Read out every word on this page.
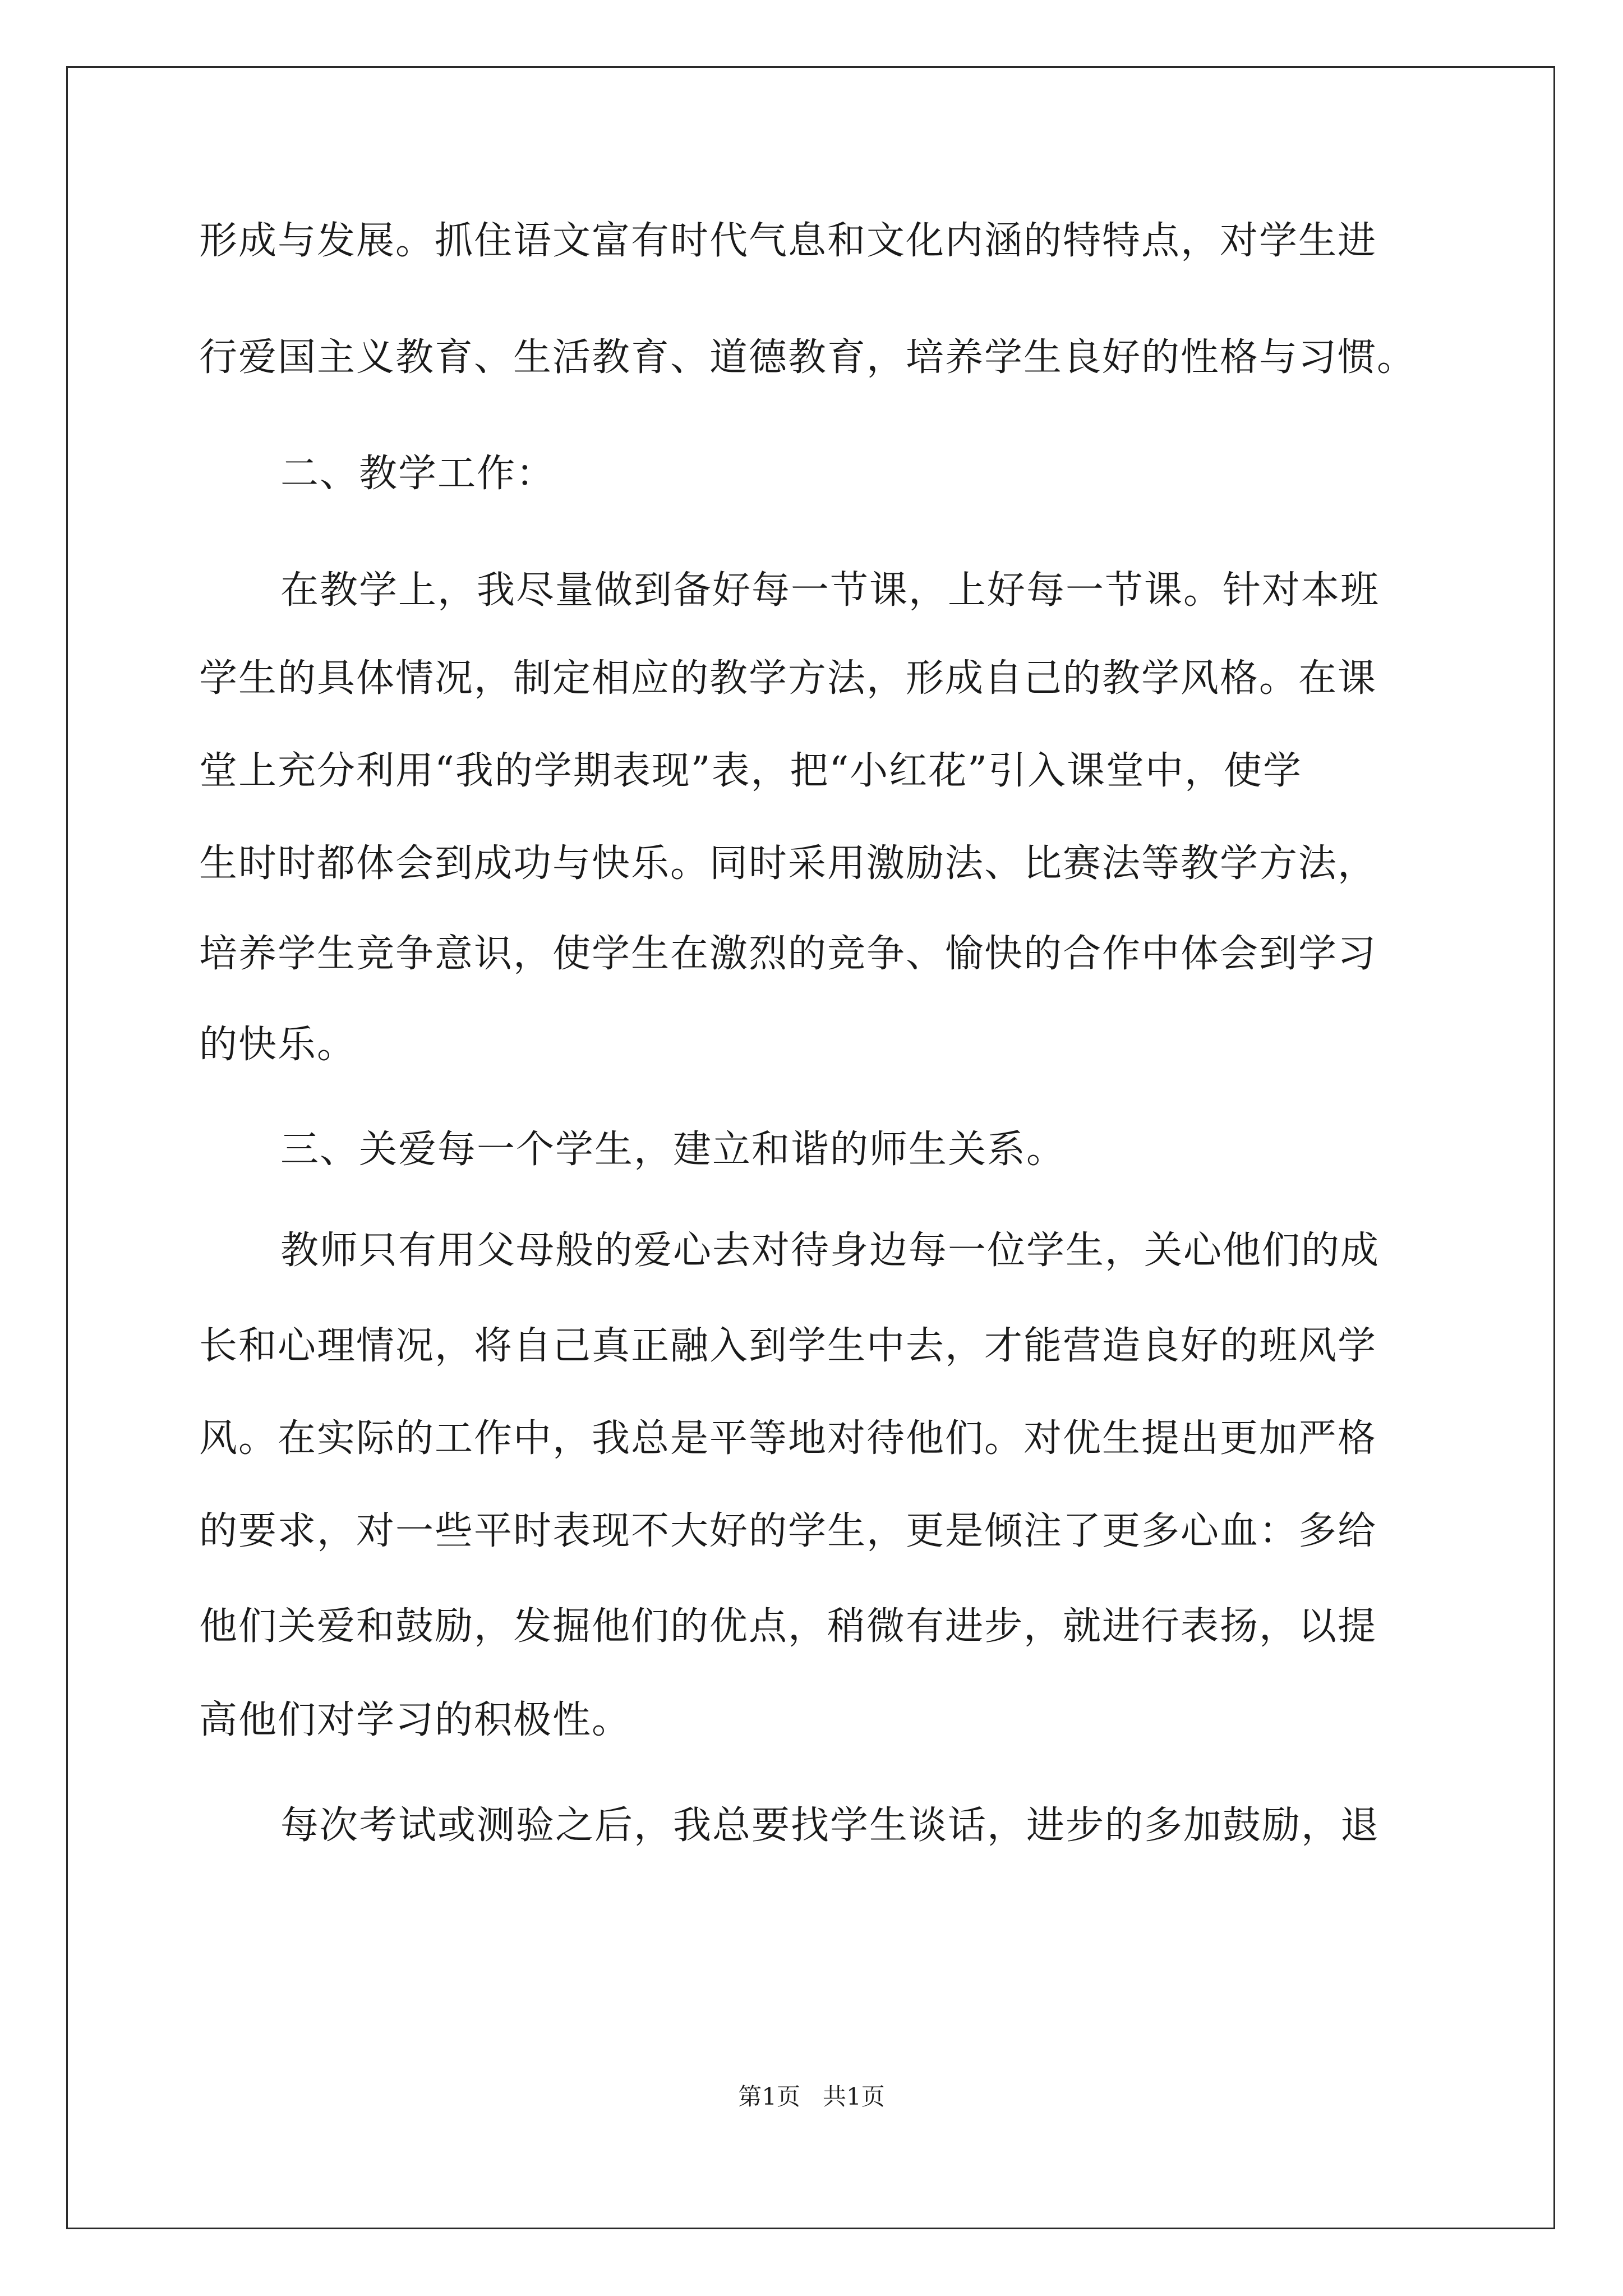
形成与发展。抓住语文富有时代气息和文化内涵的特特点，对学生进
行爱国主义教育、生活教育、道德教育，培养学生良好的性格与习惯。
二、教学工作：
在教学上，我尽量做到备好每一节课，上好每一节课。针对本班
学生的具体情况，制定相应的教学方法，形成自己的教学风格。在课
堂上充分利用“我的学期表现”表，把“小红花”引入课堂中，使学
生时时都体会到成功与快乐。同时采用激励法、比赛法等教学方法，
培养学生竞争意识，使学生在激烈的竞争、愉快的合作中体会到学习
的快乐。
三、关爱每一个学生，建立和谐的师生关系。
教师只有用父母般的爱心去对待身边每一位学生，关心他们的成
长和心理情况，将自己真正融入到学生中去，才能营造良好的班风学
风。在实际的工作中，我总是平等地对待他们。对优生提出更加严格
的要求，对一些平时表现不大好的学生，更是倾注了更多心血：多给
他们关爱和鼓励，发掘他们的优点，稍微有进步，就进行表扬，以提
高他们对学习的积极性。
每次考试或测验之后，我总要找学生谈话，进步的多加鼓励，退
第1页 共1页
